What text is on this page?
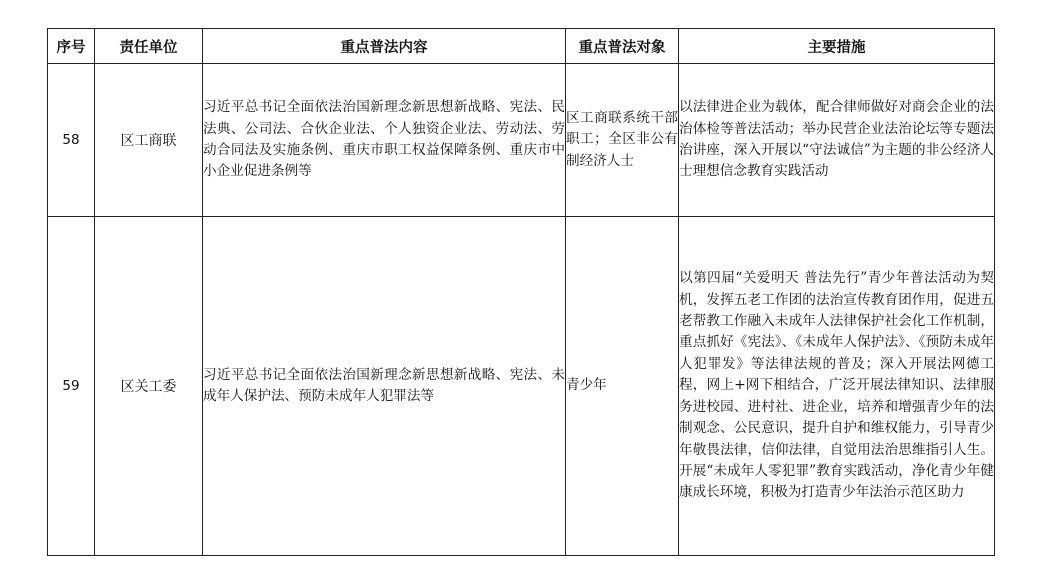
序号	责任单位	重点普法内容	重点普法对象	主要措施
58	区工商联	习近平总书记全面依法治国新理念新思想新战略、宪法、民法典、公司法、合伙企业法、个人独资企业法、劳动法、劳动合同法及实施条例、重庆市职工权益保障条例、重庆市中小企业促进条例等	区工商联系统干部职工；全区非公有制经济人士	以法律进企业为载体，配合律师做好对商会企业的法治体检等普法活动；举办民营企业法治论坛等专题法治讲座，深入开展以“守法诚信”为主题的非公经济人士理想信念教育实践活动

59	区关工委	习近平总书记全面依法治国新理念新思想新战略、宪法、未成年人保护法、预防未成年人犯罪法等	青少年	以第四届“关爱明天 普法先行”青少年普法活动为契机，发挥五老工作团的法治宣传教育团作用，促进五老帮教工作融入未成年人法律保护社会化工作机制，重点抓好《宪法》、《未成年人保护法》、《预防未成年人犯罪发》等法律法规的普及；深入开展法网德工程，网上+网下相结合，广泛开展法律知识、法律服务进校园、进村社、进企业，培养和增强青少年的法制观念、公民意识，提升自护和维权能力，引导青少年敬畏法律，信仰法律，自觉用法治思维指引人生。开展“未成年人零犯罪”教育实践活动，净化青少年健康成长环境，积极为打造青少年法治示范区助力
